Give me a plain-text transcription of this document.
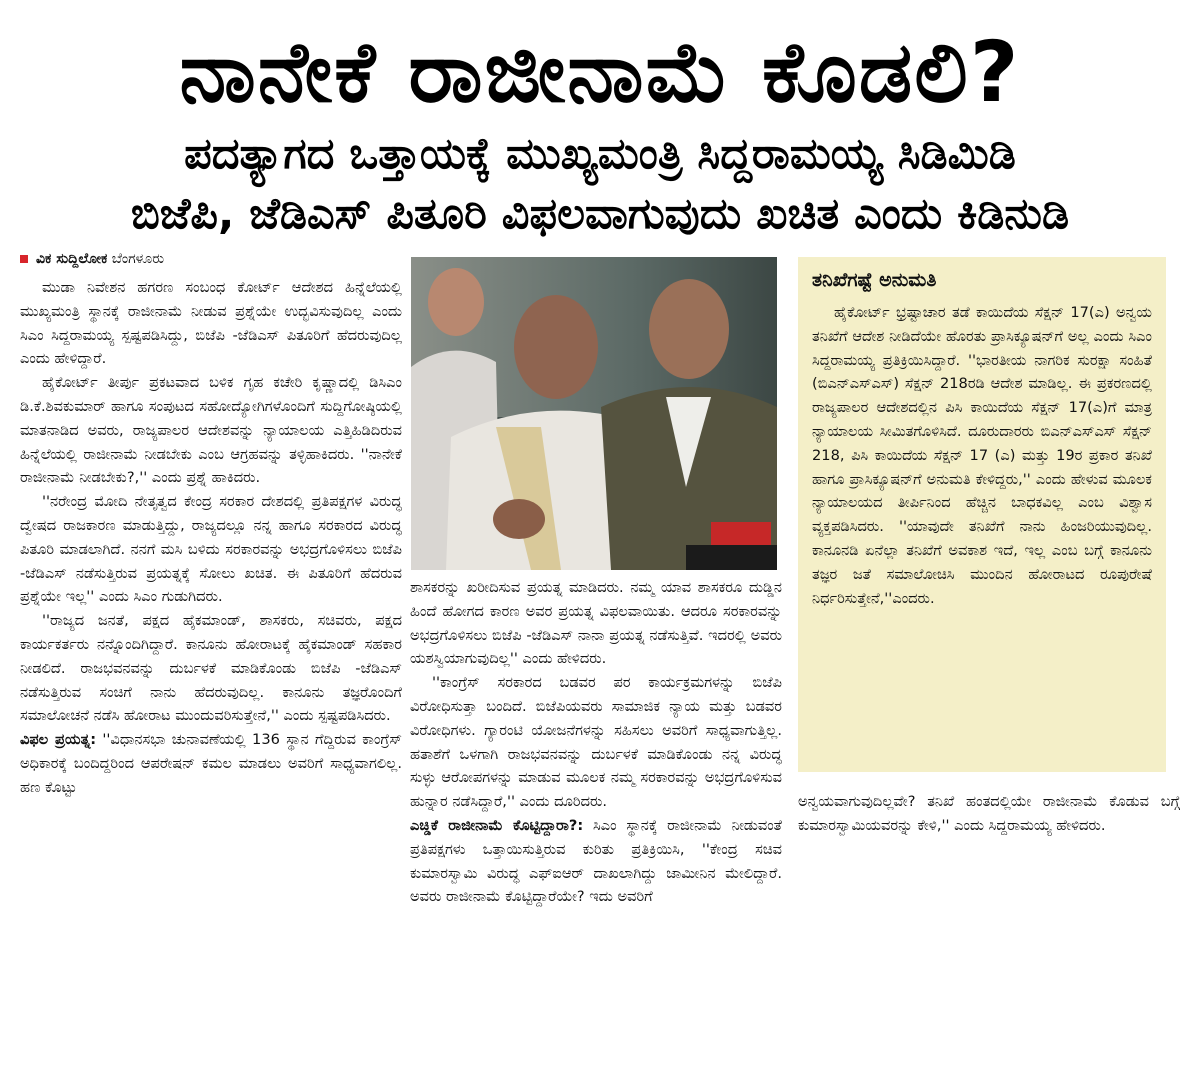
ನಾನೇಕೆ ರಾಜೀನಾಮೆ ಕೊಡಲಿ?
ಪದತ್ಯಾಗದ ಒತ್ತಾಯಕ್ಕೆ ಮುಖ್ಯಮಂತ್ರಿ ಸಿದ್ದರಾಮಯ್ಯ ಸಿಡಿಮಿಡಿ
ಬಿಜೆಪಿ, ಜೆಡಿಎಸ್ ಪಿತೂರಿ ವಿಫಲವಾಗುವುದು ಖಚಿತ ಎಂದು ಕಿಡಿನುಡಿ
ವಿಕ ಸುದ್ದಿಲೋಕ ಬೆಂಗಳೂರು

ಮುಡಾ ನಿವೇಶನ ಹಗರಣ ಸಂಬಂಧ ಕೋರ್ಟ್ ಆದೇಶದ ಹಿನ್ನೆಲೆಯಲ್ಲಿ ಮುಖ್ಯಮಂತ್ರಿ ಸ್ಥಾನಕ್ಕೆ ರಾಜೀನಾಮೆ ನೀಡುವ ಪ್ರಶ್ನೆಯೇ ಉದ್ಭವಿಸುವುದಿಲ್ಲ ಎಂದು ಸಿಎಂ ಸಿದ್ದರಾಮಯ್ಯ ಸ್ಪಷ್ಟಪಡಿಸಿದ್ದು, ಬಿಜೆಪಿ -ಜೆಡಿಎಸ್ ಪಿತೂರಿಗೆ ಹೆದರುವುದಿಲ್ಲ ಎಂದು ಹೇಳಿದ್ದಾರೆ.

ಹೈಕೋರ್ಟ್ ತೀರ್ಪು ಪ್ರಕಟವಾದ ಬಳಿಕ ಗೃಹ ಕಚೇರಿ ಕೃಷ್ಣಾದಲ್ಲಿ ಡಿಸಿಎಂ ಡಿ.ಕೆ.ಶಿವಕುಮಾರ್ ಹಾಗೂ ಸಂಪುಟದ ಸಹೋದ್ಯೋಗಿಗಳೊಂದಿಗೆ ಸುದ್ದಿಗೋಷ್ಠಿಯಲ್ಲಿ ಮಾತನಾಡಿದ ಅವರು, ರಾಜ್ಯಪಾಲರ ಆದೇಶವನ್ನು ನ್ಯಾಯಾಲಯ ಎತ್ತಿಹಿಡಿದಿರುವ ಹಿನ್ನೆಲೆಯಲ್ಲಿ ರಾಜೀನಾಮೆ ನೀಡಬೇಕು ಎಂಬ ಆಗ್ರಹವನ್ನು ತಳ್ಳಿಹಾಕಿದರು. ''ನಾನೇಕೆ ರಾಜೀನಾಮೆ ನೀಡಬೇಕು?,'' ಎಂದು ಪ್ರಶ್ನೆ ಹಾಕಿದರು.

''ನರೇಂದ್ರ ಮೋದಿ ನೇತೃತ್ವದ ಕೇಂದ್ರ ಸರಕಾರ ದೇಶದಲ್ಲಿ ಪ್ರತಿಪಕ್ಷಗಳ ವಿರುದ್ಧ ದ್ವೇಷದ ರಾಜಕಾರಣ ಮಾಡುತ್ತಿದ್ದು, ರಾಜ್ಯದಲ್ಲೂ ನನ್ನ ಹಾಗೂ ಸರಕಾರದ ವಿರುದ್ಧ ಪಿತೂರಿ ಮಾಡಲಾಗಿದೆ. ನನಗೆ ಮಸಿ ಬಳಿದು ಸರಕಾರವನ್ನು ಅಭದ್ರಗೊಳಿಸಲು ಬಿಜೆಪಿ -ಜೆಡಿಎಸ್ ನಡೆಸುತ್ತಿರುವ ಪ್ರಯತ್ನಕ್ಕೆ ಸೋಲು ಖಚಿತ. ಈ ಪಿತೂರಿಗೆ ಹೆದರುವ ಪ್ರಶ್ನೆಯೇ ಇಲ್ಲ'' ಎಂದು ಸಿಎಂ ಗುಡುಗಿದರು.

''ರಾಜ್ಯದ ಜನತೆ, ಪಕ್ಷದ ಹೈಕಮಾಂಡ್, ಶಾಸಕರು, ಸಚಿವರು, ಪಕ್ಷದ ಕಾರ್ಯಕರ್ತರು ನನ್ನೊಂದಿಗಿದ್ದಾರೆ. ಕಾನೂನು ಹೋರಾಟಕ್ಕೆ ಹೈಕಮಾಂಡ್ ಸಹಕಾರ ನೀಡಲಿದೆ. ರಾಜಭವನವನ್ನು ದುರ್ಬಳಕೆ ಮಾಡಿಕೊಂಡು ಬಿಜೆಪಿ -ಜೆಡಿಎಸ್ ನಡೆಸುತ್ತಿರುವ ಸಂಚಿಗೆ ನಾನು ಹೆದರುವುದಿಲ್ಲ. ಕಾನೂನು ತಜ್ಞರೊಂದಿಗೆ ಸಮಾಲೋಚನೆ ನಡೆಸಿ ಹೋರಾಟ ಮುಂದುವರಿಸುತ್ತೇನೆ,'' ಎಂದು ಸ್ಪಷ್ಟಪಡಿಸಿದರು.

ವಿಫಲ ಪ್ರಯತ್ನ: ''ವಿಧಾನಸಭಾ ಚುನಾವಣೆಯಲ್ಲಿ 136 ಸ್ಥಾನ ಗೆದ್ದಿರುವ ಕಾಂಗ್ರೆಸ್ ಅಧಿಕಾರಕ್ಕೆ ಬಂದಿದ್ದರಿಂದ ಆಪರೇಷನ್ ಕಮಲ ಮಾಡಲು ಅವರಿಗೆ ಸಾಧ್ಯವಾಗಲಿಲ್ಲ. ಹಣ ಕೊಟ್ಟು

ಶಾಸಕರನ್ನು ಖರೀದಿಸುವ ಪ್ರಯತ್ನ ಮಾಡಿದರು. ನಮ್ಮ ಯಾವ ಶಾಸಕರೂ ದುಡ್ಡಿನ ಹಿಂದೆ ಹೋಗದ ಕಾರಣ ಅವರ ಪ್ರಯತ್ನ ವಿಫಲವಾಯಿತು. ಆದರೂ ಸರಕಾರವನ್ನು ಅಭದ್ರಗೊಳಿಸಲು ಬಿಜೆಪಿ -ಜೆಡಿಎಸ್ ನಾನಾ ಪ್ರಯತ್ನ ನಡೆಸುತ್ತಿವೆ. ಇದರಲ್ಲಿ ಅವರು ಯಶಸ್ವಿಯಾಗುವುದಿಲ್ಲ'' ಎಂದು ಹೇಳಿದರು.

''ಕಾಂಗ್ರೆಸ್ ಸರಕಾರದ ಬಡವರ ಪರ ಕಾರ್ಯಕ್ರಮಗಳನ್ನು ಬಿಜೆಪಿ ವಿರೋಧಿಸುತ್ತಾ ಬಂದಿದೆ. ಬಿಜೆಪಿಯವರು ಸಾಮಾಜಿಕ ನ್ಯಾಯ ಮತ್ತು ಬಡವರ ವಿರೋಧಿಗಳು. ಗ್ಯಾರಂಟಿ ಯೋಜನೆಗಳನ್ನು ಸಹಿಸಲು ಅವರಿಗೆ ಸಾಧ್ಯವಾಗುತ್ತಿಲ್ಲ. ಹತಾಶೆಗೆ ಒಳಗಾಗಿ ರಾಜಭವನವನ್ನು ದುರ್ಬಳಕೆ ಮಾಡಿಕೊಂಡು ನನ್ನ ವಿರುದ್ಧ ಸುಳ್ಳು ಆರೋಪಗಳನ್ನು ಮಾಡುವ ಮೂಲಕ ನಮ್ಮ ಸರಕಾರವನ್ನು ಅಭದ್ರಗೊಳಿಸುವ ಹುನ್ನಾರ ನಡೆಸಿದ್ದಾರೆ,'' ಎಂದು ದೂರಿದರು.

ಎಚ್ಡಿಕೆ ರಾಜೀನಾಮೆ ಕೊಟ್ಟಿದ್ದಾರಾ?: ಸಿಎಂ ಸ್ಥಾನಕ್ಕೆ ರಾಜೀನಾಮೆ ನೀಡುವಂತೆ ಪ್ರತಿಪಕ್ಷಗಳು ಒತ್ತಾಯಿಸುತ್ತಿರುವ ಕುರಿತು ಪ್ರತಿಕ್ರಿಯಿಸಿ, ''ಕೇಂದ್ರ ಸಚಿವ ಕುಮಾರಸ್ವಾಮಿ ವಿರುದ್ಧ ಎಫ್ಐಆರ್ ದಾಖಲಾಗಿದ್ದು ಜಾಮೀನಿನ ಮೇಲಿದ್ದಾರೆ. ಅವರು ರಾಜೀನಾಮೆ ಕೊಟ್ಟಿದ್ದಾರೆಯೇ? ಇದು ಅವರಿಗೆ

ತನಿಖೆಗಷ್ಟೆ ಅನುಮತಿ

ಹೈಕೋರ್ಟ್ ಭ್ರಷ್ಟಾಚಾರ ತಡೆ ಕಾಯಿದೆಯ ಸೆಕ್ಷನ್ 17(ಎ) ಅನ್ವಯ ತನಿಖೆಗೆ ಆದೇಶ ನೀಡಿದೆಯೇ ಹೊರತು ಪ್ರಾಸಿಕ್ಯೂಷನ್‌ಗೆ ಅಲ್ಲ ಎಂದು ಸಿಎಂ ಸಿದ್ದರಾಮಯ್ಯ ಪ್ರತಿಕ್ರಿಯಿಸಿದ್ದಾರೆ. ''ಭಾರತೀಯ ನಾಗರಿಕ ಸುರಕ್ಷಾ ಸಂಹಿತೆ (ಬಿಎನ್ಎಸ್ಎಸ್) ಸೆಕ್ಷನ್ 218ರಡಿ ಆದೇಶ ಮಾಡಿಲ್ಲ. ಈ ಪ್ರಕರಣದಲ್ಲಿ ರಾಜ್ಯಪಾಲರ ಆದೇಶದಲ್ಲಿನ ಪಿಸಿ ಕಾಯಿದೆಯ ಸೆಕ್ಷನ್ 17(ಎ)ಗೆ ಮಾತ್ರ ನ್ಯಾಯಾಲಯ ಸೀಮಿತಗೊಳಿಸಿದೆ. ದೂರುದಾರರು ಬಿಎನ್ಎಸ್ಎಸ್ ಸೆಕ್ಷನ್ 218, ಪಿಸಿ ಕಾಯಿದೆಯ ಸೆಕ್ಷನ್ 17 (ಎ) ಮತ್ತು 19ರ ಪ್ರಕಾರ ತನಿಖೆ ಹಾಗೂ ಪ್ರಾಸಿಕ್ಯೂಷನ್‌ಗೆ ಅನುಮತಿ ಕೇಳಿದ್ದರು,'' ಎಂದು ಹೇಳುವ ಮೂಲಕ ನ್ಯಾಯಾಲಯದ ತೀರ್ಪಿನಿಂದ ಹೆಚ್ಚಿನ ಬಾಧಕವಿಲ್ಲ ಎಂಬ ವಿಶ್ವಾಸ ವ್ಯಕ್ತಪಡಿಸಿದರು. ''ಯಾವುದೇ ತನಿಖೆಗೆ ನಾನು ಹಿಂಜರಿಯುವುದಿಲ್ಲ. ಕಾನೂನಡಿ ಏನೆಲ್ಲಾ ತನಿಖೆಗೆ ಅವಕಾಶ ಇದೆ, ಇಲ್ಲ ಎಂಬ ಬಗ್ಗೆ ಕಾನೂನು ತಜ್ಞರ ಜತೆ ಸಮಾಲೋಚಿಸಿ ಮುಂದಿನ ಹೋರಾಟದ ರೂಪುರೇಷೆ ನಿರ್ಧರಿಸುತ್ತೇನೆ,''ಎಂದರು.

ಅನ್ವಯವಾಗುವುದಿಲ್ಲವೇ? ತನಿಖೆ ಹಂತದಲ್ಲಿಯೇ ರಾಜೀನಾಮೆ ಕೊಡುವ ಬಗ್ಗೆ ಕುಮಾರಸ್ವಾಮಿಯವರನ್ನು ಕೇಳಿ,'' ಎಂದು ಸಿದ್ದರಾಮಯ್ಯ ಹೇಳಿದರು.
